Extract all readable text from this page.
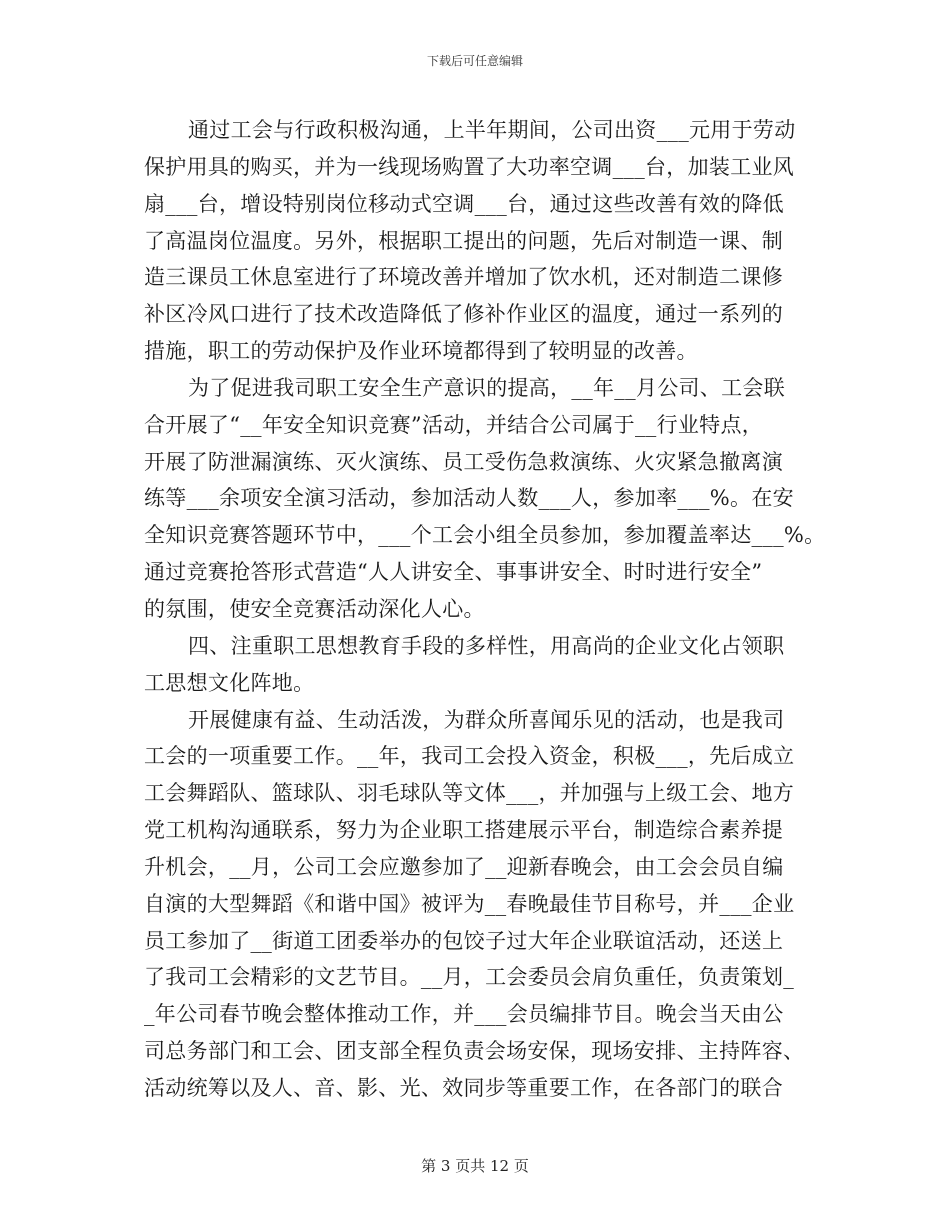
下载后可任意编辑
通过工会与行政积极沟通，上半年期间，公司出资___元用于劳动
保护用具的购买，并为一线现场购置了大功率空调___台，加装工业风
扇___台，增设特别岗位移动式空调___台，通过这些改善有效的降低
了高温岗位温度。另外，根据职工提出的问题，先后对制造一课、制
造三课员工休息室进行了环境改善并增加了饮水机，还对制造二课修
补区冷风口进行了技术改造降低了修补作业区的温度，通过一系列的
措施，职工的劳动保护及作业环境都得到了较明显的改善。
为了促进我司职工安全生产意识的提高，__年__月公司、工会联
合开展了“__年安全知识竞赛”活动，并结合公司属于__行业特点，
开展了防泄漏演练、灭火演练、员工受伤急救演练、火灾紧急撤离演
练等___余项安全演习活动，参加活动人数___人，参加率___%。在安
全知识竞赛答题环节中，___个工会小组全员参加，参加覆盖率达___%。
通过竞赛抢答形式营造“人人讲安全、事事讲安全、时时进行安全”
的氛围，使安全竞赛活动深化人心。
四、注重职工思想教育手段的多样性，用高尚的企业文化占领职
工思想文化阵地。
开展健康有益、生动活泼，为群众所喜闻乐见的活动，也是我司
工会的一项重要工作。__年，我司工会投入资金，积极___，先后成立
工会舞蹈队、篮球队、羽毛球队等文体___，并加强与上级工会、地方
党工机构沟通联系，努力为企业职工搭建展示平台，制造综合素养提
升机会，__月，公司工会应邀参加了__迎新春晚会，由工会会员自编
自演的大型舞蹈《和谐中国》被评为__春晚最佳节目称号，并___企业
员工参加了__街道工团委举办的包饺子过大年企业联谊活动，还送上
了我司工会精彩的文艺节目。__月，工会委员会肩负重任，负责策划_
_年公司春节晚会整体推动工作，并___会员编排节目。晚会当天由公
司总务部门和工会、团支部全程负责会场安保，现场安排、主持阵容、
活动统筹以及人、音、影、光、效同步等重要工作，在各部门的联合
第 3 页共 12 页
